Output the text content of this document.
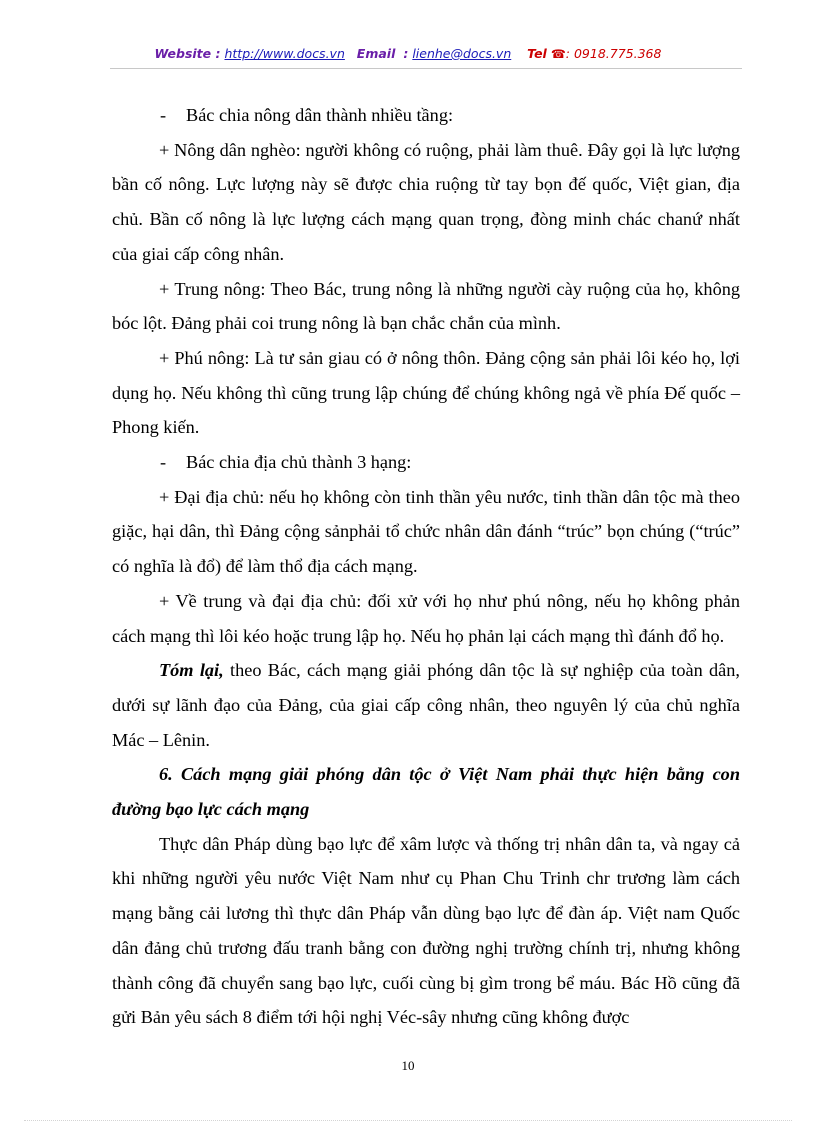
Website : http://www.docs.vn Email : lienhe@docs.vn Tel ☎: 0918.775.368

- Bác chia nông dân thành nhiều tầng:

+ Nông dân nghèo: người không có ruộng, phải làm thuê. Đây gọi là lực lượng bần cố nông. Lực lượng này sẽ được chia ruộng từ tay bọn đế quốc, Việt gian, địa chủ. Bần cố nông là lực lượng cách mạng quan trọng, đòng minh chác chanứ nhất của giai cấp công nhân.

+ Trung nông: Theo Bác, trung nông là những người cày ruộng của họ, không bóc lột. Đảng phải coi trung nông là bạn chắc chắn của mình.

+ Phú nông: Là tư sản giau có ở nông thôn. Đảng cộng sản phải lôi kéo họ, lợi dụng họ. Nếu không thì cũng trung lập chúng để chúng không ngả về phía Đế quốc – Phong kiến.

- Bác chia địa chủ thành 3 hạng:

+ Đại địa chủ: nếu họ không còn tinh thần yêu nước, tinh thần dân tộc mà theo giặc, hại dân, thì Đảng cộng sảnphải tổ chức nhân dân đánh “trúc” bọn chúng (“trúc” có nghĩa là đổ) để làm thổ địa cách mạng.

+ Về trung và đại địa chủ: đối xử với họ như phú nông, nếu họ không phản cách mạng thì lôi kéo hoặc trung lập họ. Nếu họ phản lại cách mạng thì đánh đổ họ.

Tóm lại, theo Bác, cách mạng giải phóng dân tộc là sự nghiệp của toàn dân, dưới sự lãnh đạo của Đảng, của giai cấp công nhân, theo nguyên lý của chủ nghĩa Mác – Lênin.

6. Cách mạng giải phóng dân tộc ở Việt Nam phải thực hiện bằng con đường bạo lực cách mạng

Thực dân Pháp dùng bạo lực để xâm lược và thống trị nhân dân ta, và ngay cả khi những người yêu nước Việt Nam như cụ Phan Chu Trinh chr trương làm cách mạng bằng cải lương thì thực dân Pháp vẫn dùng bạo lực để đàn áp. Việt nam Quốc dân đảng chủ trương đấu tranh bằng con đường nghị trường chính trị, nhưng không thành công đã chuyển sang bạo lực, cuối cùng bị gìm trong bể máu. Bác Hồ cũng đã gửi Bản yêu sách 8 điểm tới hội nghị Véc-sây nhưng cũng không được

10
